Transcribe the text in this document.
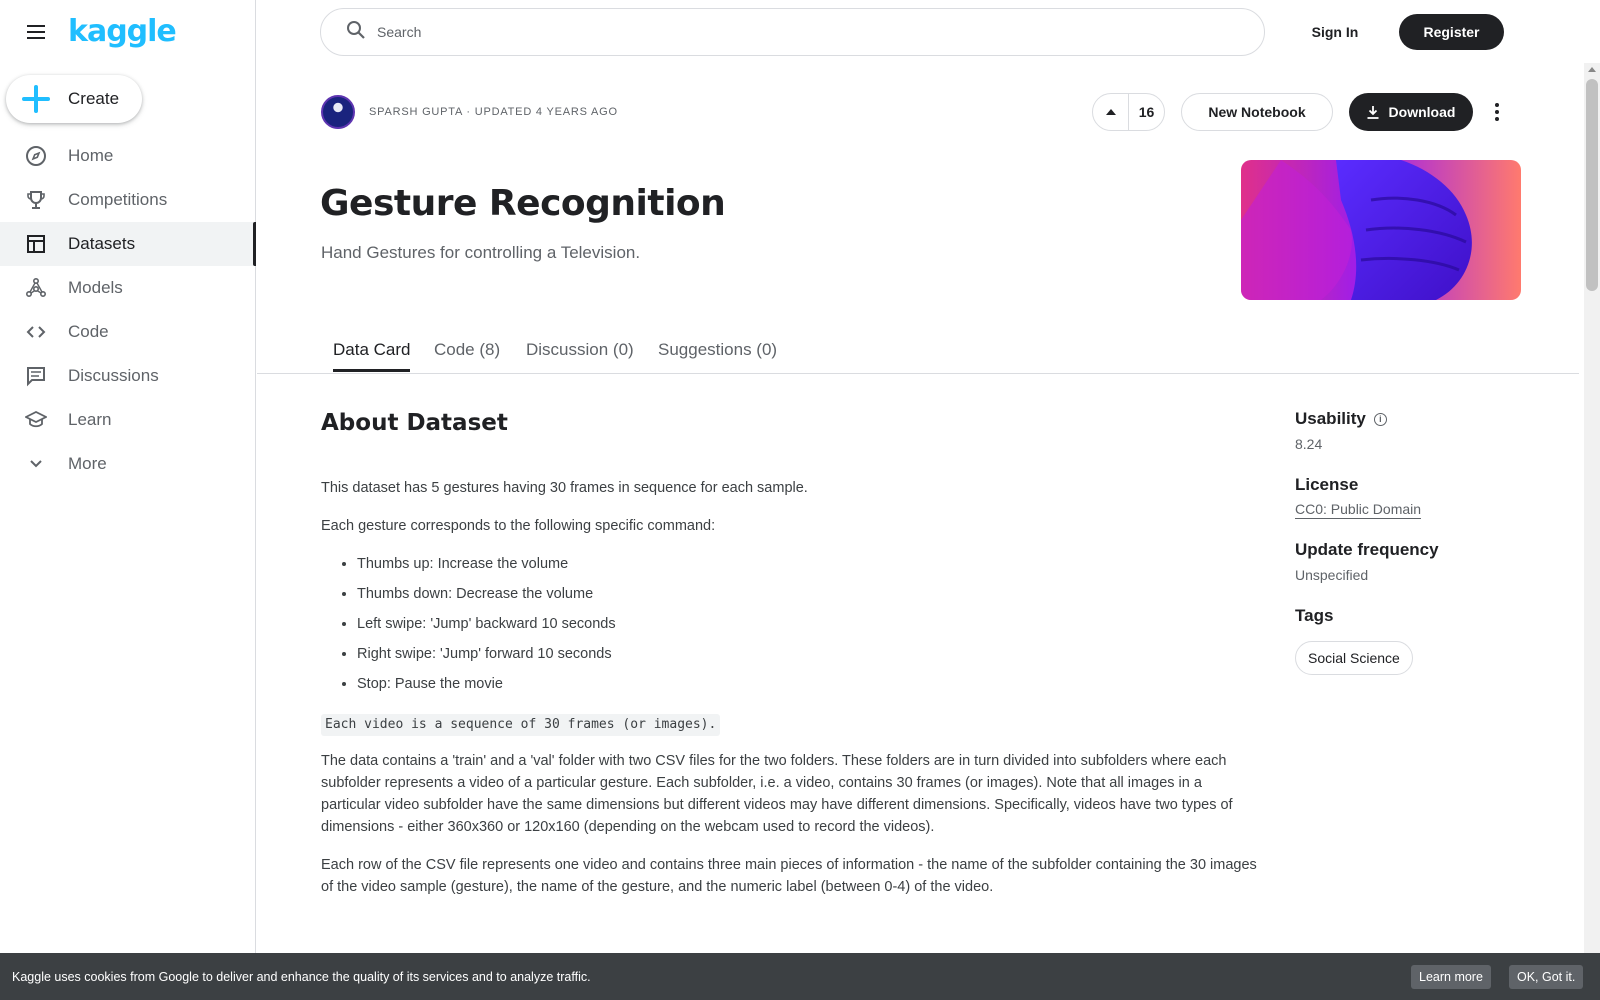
kaggle
Create
Home
Competitions
Datasets
Models
Code
Discussions
Learn
More
Search
Sign In	Register
SPARSH GUPTA · UPDATED 4 YEARS AGO	16	New Notebook	Download
Gesture Recognition
Hand Gestures for controlling a Television.
Data Card Code (8) Discussion (0) Suggestions (0)
About Dataset

This dataset has 5 gestures having 30 frames in sequence for each sample.

Each gesture corresponds to the following specific command:

• Thumbs up: Increase the volume
• Thumbs down: Decrease the volume
• Left swipe: 'Jump' backward 10 seconds
• Right swipe: 'Jump' forward 10 seconds
• Stop: Pause the movie
Each video is a sequence of 30 frames (or images).

The data contains a 'train' and a 'val' folder with two CSV files for the two folders. These folders are in turn divided into subfolders where each subfolder represents a video of a particular gesture. Each subfolder, i.e. a video, contains 30 frames (or images). Note that all images in a particular video subfolder have the same dimensions but different videos may have different dimensions. Specifically, videos have two types of dimensions - either 360x360 or 120x160 (depending on the webcam used to record the videos).

Each row of the CSV file represents one video and contains three main pieces of information - the name of the subfolder containing the 30 images of the video sample (gesture), the name of the gesture, and the numeric label (between 0-4) of the video.

Usability	i
8.24
License
CC0: Public Domain
Update frequency
Unspecified
Tags
Social Science
Kaggle uses cookies from Google to deliver and enhance the quality of its services and to analyze traffic.	Learn more	OK, Got it.
